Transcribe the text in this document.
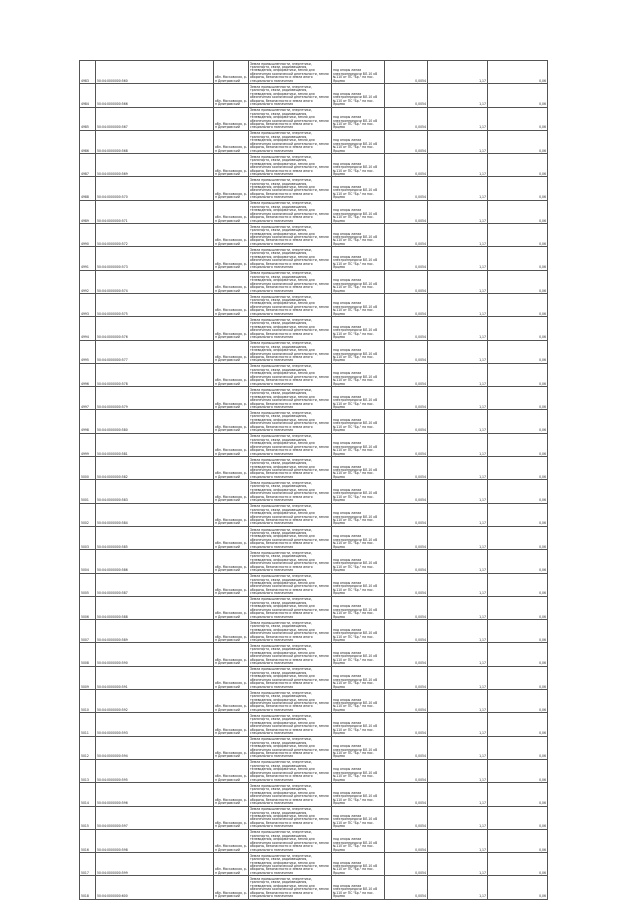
4983	50:04:0000000:560	обл. Московская, р-н Дмитровский	Земли промышленности, энергетики, транспорта, связи, радиовещания, телевидения, информатики, земли для обеспечения космической деятельности, земли обороны, безопасности и земли иного специального назначения	под опоры линии электропередачи ВЛ-10 кВ №110 от ПС "Бр." на пос. Ярцево	0,0054	1,17	0,06
4984	50:04:0000000:566	обл. Московская, р-н Дмитровский	Земли промышленности, энергетики, транспорта, связи, радиовещания, телевидения, информатики, земли для обеспечения космической деятельности, земли обороны, безопасности и земли иного специального назначения	под опоры линии электропередачи ВЛ-10 кВ №110 от ПС "Бр." на пос. Ярцево	0,0054	1,17	0,06
4985	50:04:0000000:567	обл. Московская, р-н Дмитровский	Земли промышленности, энергетики, транспорта, связи, радиовещания, телевидения, информатики, земли для обеспечения космической деятельности, земли обороны, безопасности и земли иного специального назначения	под опоры линии электропередачи ВЛ-10 кВ №110 от ПС "Бр." на пос. Ярцево	0,0054	1,17	0,06
4986	50:04:0000000:568	обл. Московская, р-н Дмитровский	Земли промышленности, энергетики, транспорта, связи, радиовещания, телевидения, информатики, земли для обеспечения космической деятельности, земли обороны, безопасности и земли иного специального назначения	под опоры линии электропередачи ВЛ-10 кВ №110 от ПС "Бр." на пос. Ярцево	0,0054	1,17	0,06
4987	50:04:0000000:569	обл. Московская, р-н Дмитровский	Земли промышленности, энергетики, транспорта, связи, радиовещания, телевидения, информатики, земли для обеспечения космической деятельности, земли обороны, безопасности и земли иного специального назначения	под опоры линии электропередачи ВЛ-10 кВ №110 от ПС "Бр." на пос. Ярцево	0,0054	1,17	0,06
4988	50:04:0000000:570	обл. Московская, р-н Дмитровский	Земли промышленности, энергетики, транспорта, связи, радиовещания, телевидения, информатики, земли для обеспечения космической деятельности, земли обороны, безопасности и земли иного специального назначения	под опоры линии электропередачи ВЛ-10 кВ №110 от ПС "Бр." на пос. Ярцево	0,0054	1,17	0,06
4989	50:04:0000000:571	обл. Московская, р-н Дмитровский	Земли промышленности, энергетики, транспорта, связи, радиовещания, телевидения, информатики, земли для обеспечения космической деятельности, земли обороны, безопасности и земли иного специального назначения	под опоры линии электропередачи ВЛ-10 кВ №110 от ПС "Бр." на пос. Ярцево	0,0054	1,17	0,06
4990	50:04:0000000:572	обл. Московская, р-н Дмитровский	Земли промышленности, энергетики, транспорта, связи, радиовещания, телевидения, информатики, земли для обеспечения космической деятельности, земли обороны, безопасности и земли иного специального назначения	под опоры линии электропередачи ВЛ-10 кВ №110 от ПС "Бр." на пос. Ярцево	0,0054	1,17	0,06
4991	50:04:0000000:573	обл. Московская, р-н Дмитровский	Земли промышленности, энергетики, транспорта, связи, радиовещания, телевидения, информатики, земли для обеспечения космической деятельности, земли обороны, безопасности и земли иного специального назначения	под опоры линии электропередачи ВЛ-10 кВ №110 от ПС "Бр." на пос. Ярцево	0,0054	1,17	0,06
4992	50:04:0000000:574	обл. Московская, р-н Дмитровский	Земли промышленности, энергетики, транспорта, связи, радиовещания, телевидения, информатики, земли для обеспечения космической деятельности, земли обороны, безопасности и земли иного специального назначения	под опоры линии электропередачи ВЛ-10 кВ №110 от ПС "Бр." на пос. Ярцево	0,0054	1,17	0,06
4993	50:04:0000000:575	обл. Московская, р-н Дмитровский	Земли промышленности, энергетики, транспорта, связи, радиовещания, телевидения, информатики, земли для обеспечения космической деятельности, земли обороны, безопасности и земли иного специального назначения	под опоры линии электропередачи ВЛ-10 кВ №110 от ПС "Бр." на пос. Ярцево	0,0054	1,17	0,06
4994	50:04:0000000:576	обл. Московская, р-н Дмитровский	Земли промышленности, энергетики, транспорта, связи, радиовещания, телевидения, информатики, земли для обеспечения космической деятельности, земли обороны, безопасности и земли иного специального назначения	под опоры линии электропередачи ВЛ-10 кВ №110 от ПС "Бр." на пос. Ярцево	0,0054	1,17	0,06
4995	50:04:0000000:577	обл. Московская, р-н Дмитровский	Земли промышленности, энергетики, транспорта, связи, радиовещания, телевидения, информатики, земли для обеспечения космической деятельности, земли обороны, безопасности и земли иного специального назначения	под опоры линии электропередачи ВЛ-10 кВ №110 от ПС "Бр." на пос. Ярцево	0,0054	1,17	0,06
4996	50:04:0000000:578	обл. Московская, р-н Дмитровский	Земли промышленности, энергетики, транспорта, связи, радиовещания, телевидения, информатики, земли для обеспечения космической деятельности, земли обороны, безопасности и земли иного специального назначения	под опоры линии электропередачи ВЛ-10 кВ №110 от ПС "Бр." на пос. Ярцево	0,0054	1,17	0,06
4997	50:04:0000000:579	обл. Московская, р-н Дмитровский	Земли промышленности, энергетики, транспорта, связи, радиовещания, телевидения, информатики, земли для обеспечения космической деятельности, земли обороны, безопасности и земли иного специального назначения	под опоры линии электропередачи ВЛ-10 кВ №110 от ПС "Бр." на пос. Ярцево	0,0054	1,17	0,06
4998	50:04:0000000:580	обл. Московская, р-н Дмитровский	Земли промышленности, энергетики, транспорта, связи, радиовещания, телевидения, информатики, земли для обеспечения космической деятельности, земли обороны, безопасности и земли иного специального назначения	под опоры линии электропередачи ВЛ-10 кВ №110 от ПС "Бр." на пос. Ярцево	0,0054	1,17	0,06
4999	50:04:0000000:581	обл. Московская, р-н Дмитровский	Земли промышленности, энергетики, транспорта, связи, радиовещания, телевидения, информатики, земли для обеспечения космической деятельности, земли обороны, безопасности и земли иного специального назначения	под опоры линии электропередачи ВЛ-10 кВ №110 от ПС "Бр." на пос. Ярцево	0,0054	1,17	0,06
5000	50:04:0000000:582	обл. Московская, р-н Дмитровский	Земли промышленности, энергетики, транспорта, связи, радиовещания, телевидения, информатики, земли для обеспечения космической деятельности, земли обороны, безопасности и земли иного специального назначения	под опоры линии электропередачи ВЛ-10 кВ №110 от ПС "Бр." на пос. Ярцево	0,0054	1,17	0,06
5001	50:04:0000000:583	обл. Московская, р-н Дмитровский	Земли промышленности, энергетики, транспорта, связи, радиовещания, телевидения, информатики, земли для обеспечения космической деятельности, земли обороны, безопасности и земли иного специального назначения	под опоры линии электропередачи ВЛ-10 кВ №110 от ПС "Бр." на пос. Ярцево	0,0054	1,17	0,06
5002	50:04:0000000:584	обл. Московская, р-н Дмитровский	Земли промышленности, энергетики, транспорта, связи, радиовещания, телевидения, информатики, земли для обеспечения космической деятельности, земли обороны, безопасности и земли иного специального назначения	под опоры линии электропередачи ВЛ-10 кВ №110 от ПС "Бр." на пос. Ярцево	0,0054	1,17	0,06
5003	50:04:0000000:585	обл. Московская, р-н Дмитровский	Земли промышленности, энергетики, транспорта, связи, радиовещания, телевидения, информатики, земли для обеспечения космической деятельности, земли обороны, безопасности и земли иного специального назначения	под опоры линии электропередачи ВЛ-10 кВ №110 от ПС "Бр." на пос. Ярцево	0,0054	1,17	0,06
5004	50:04:0000000:586	обл. Московская, р-н Дмитровский	Земли промышленности, энергетики, транспорта, связи, радиовещания, телевидения, информатики, земли для обеспечения космической деятельности, земли обороны, безопасности и земли иного специального назначения	под опоры линии электропередачи ВЛ-10 кВ №110 от ПС "Бр." на пос. Ярцево	0,0054	1,17	0,06
5005	50:04:0000000:587	обл. Московская, р-н Дмитровский	Земли промышленности, энергетики, транспорта, связи, радиовещания, телевидения, информатики, земли для обеспечения космической деятельности, земли обороны, безопасности и земли иного специального назначения	под опоры линии электропередачи ВЛ-10 кВ №110 от ПС "Бр." на пос. Ярцево	0,0054	1,17	0,06
5006	50:04:0000000:588	обл. Московская, р-н Дмитровский	Земли промышленности, энергетики, транспорта, связи, радиовещания, телевидения, информатики, земли для обеспечения космической деятельности, земли обороны, безопасности и земли иного специального назначения	под опоры линии электропередачи ВЛ-10 кВ №110 от ПС "Бр." на пос. Ярцево	0,0054	1,17	0,06
5007	50:04:0000000:589	обл. Московская, р-н Дмитровский	Земли промышленности, энергетики, транспорта, связи, радиовещания, телевидения, информатики, земли для обеспечения космической деятельности, земли обороны, безопасности и земли иного специального назначения	под опоры линии электропередачи ВЛ-10 кВ №110 от ПС "Бр." на пос. Ярцево	0,0054	1,17	0,06
5008	50:04:0000000:590	обл. Московская, р-н Дмитровский	Земли промышленности, энергетики, транспорта, связи, радиовещания, телевидения, информатики, земли для обеспечения космической деятельности, земли обороны, безопасности и земли иного специального назначения	под опоры линии электропередачи ВЛ-10 кВ №110 от ПС "Бр." на пос. Ярцево	0,0054	1,17	0,06
5009	50:04:0000000:591	обл. Московская, р-н Дмитровский	Земли промышленности, энергетики, транспорта, связи, радиовещания, телевидения, информатики, земли для обеспечения космической деятельности, земли обороны, безопасности и земли иного специального назначения	под опоры линии электропередачи ВЛ-10 кВ №110 от ПС "Бр." на пос. Ярцево	0,0054	1,17	0,06
5010	50:04:0000000:592	обл. Московская, р-н Дмитровский	Земли промышленности, энергетики, транспорта, связи, радиовещания, телевидения, информатики, земли для обеспечения космической деятельности, земли обороны, безопасности и земли иного специального назначения	под опоры линии электропередачи ВЛ-10 кВ №110 от ПС "Бр." на пос. Ярцево	0,0054	1,17	0,06
5011	50:04:0000000:593	обл. Московская, р-н Дмитровский	Земли промышленности, энергетики, транспорта, связи, радиовещания, телевидения, информатики, земли для обеспечения космической деятельности, земли обороны, безопасности и земли иного специального назначения	под опоры линии электропередачи ВЛ-10 кВ №110 от ПС "Бр." на пос. Ярцево	0,0054	1,17	0,06
5012	50:04:0000000:594	обл. Московская, р-н Дмитровский	Земли промышленности, энергетики, транспорта, связи, радиовещания, телевидения, информатики, земли для обеспечения космической деятельности, земли обороны, безопасности и земли иного специального назначения	под опоры линии электропередачи ВЛ-10 кВ №110 от ПС "Бр." на пос. Ярцево	0,0054	1,17	0,06
5013	50:04:0000000:595	обл. Московская, р-н Дмитровский	Земли промышленности, энергетики, транспорта, связи, радиовещания, телевидения, информатики, земли для обеспечения космической деятельности, земли обороны, безопасности и земли иного специального назначения	под опоры линии электропередачи ВЛ-10 кВ №110 от ПС "Бр." на пос. Ярцево	0,0054	1,17	0,06
5014	50:04:0000000:596	обл. Московская, р-н Дмитровский	Земли промышленности, энергетики, транспорта, связи, радиовещания, телевидения, информатики, земли для обеспечения космической деятельности, земли обороны, безопасности и земли иного специального назначения	под опоры линии электропередачи ВЛ-10 кВ №110 от ПС "Бр." на пос. Ярцево	0,0054	1,17	0,06
5015	50:04:0000000:597	обл. Московская, р-н Дмитровский	Земли промышленности, энергетики, транспорта, связи, радиовещания, телевидения, информатики, земли для обеспечения космической деятельности, земли обороны, безопасности и земли иного специального назначения	под опоры линии электропередачи ВЛ-10 кВ №110 от ПС "Бр." на пос. Ярцево	0,0054	1,17	0,06
5016	50:04:0000000:598	обл. Московская, р-н Дмитровский	Земли промышленности, энергетики, транспорта, связи, радиовещания, телевидения, информатики, земли для обеспечения космической деятельности, земли обороны, безопасности и земли иного специального назначения	под опоры линии электропередачи ВЛ-10 кВ №110 от ПС "Бр." на пос. Ярцево	0,0054	1,17	0,06
5017	50:04:0000000:599	обл. Московская, р-н Дмитровский	Земли промышленности, энергетики, транспорта, связи, радиовещания, телевидения, информатики, земли для обеспечения космической деятельности, земли обороны, безопасности и земли иного специального назначения	под опоры линии электропередачи ВЛ-10 кВ №110 от ПС "Бр." на пос. Ярцево	0,0054	1,17	0,06
5018	50:04:0000000:600	обл. Московская, р-н Дмитровский	Земли промышленности, энергетики, транспорта, связи, радиовещания, телевидения, информатики, земли для обеспечения космической деятельности, земли обороны, безопасности и земли иного специального назначения	под опоры линии электропередачи ВЛ-10 кВ №110 от ПС "Бр." на пос. Ярцево	0,0054	1,17	0,06
